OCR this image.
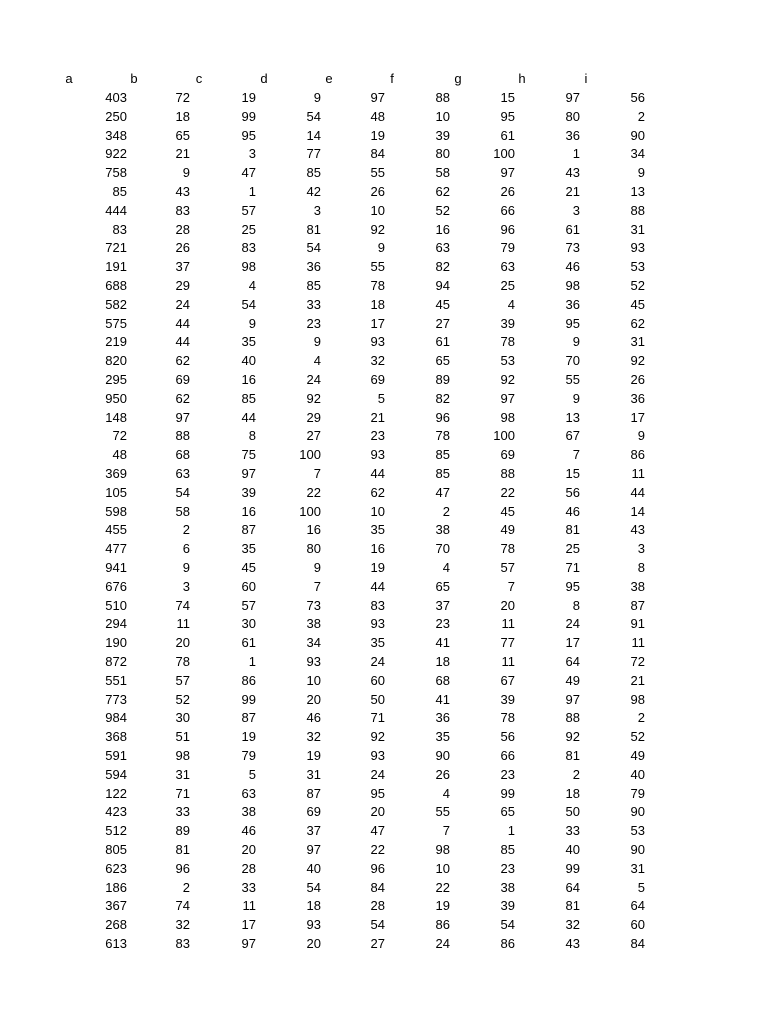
a	b	c	d	e	f	g	h	i
403	72	19	9	97	88	15	97	56
250	18	99	54	48	10	95	80	2
348	65	95	14	19	39	61	36	90
922	21	3	77	84	80	100	1	34
758	9	47	85	55	58	97	43	9
85	43	1	42	26	62	26	21	13
444	83	57	3	10	52	66	3	88
83	28	25	81	92	16	96	61	31
721	26	83	54	9	63	79	73	93
191	37	98	36	55	82	63	46	53
688	29	4	85	78	94	25	98	52
582	24	54	33	18	45	4	36	45
575	44	9	23	17	27	39	95	62
219	44	35	9	93	61	78	9	31
820	62	40	4	32	65	53	70	92
295	69	16	24	69	89	92	55	26
950	62	85	92	5	82	97	9	36
148	97	44	29	21	96	98	13	17
72	88	8	27	23	78	100	67	9
48	68	75	100	93	85	69	7	86
369	63	97	7	44	85	88	15	11
105	54	39	22	62	47	22	56	44
598	58	16	100	10	2	45	46	14
455	2	87	16	35	38	49	81	43
477	6	35	80	16	70	78	25	3
941	9	45	9	19	4	57	71	8
676	3	60	7	44	65	7	95	38
510	74	57	73	83	37	20	8	87
294	11	30	38	93	23	11	24	91
190	20	61	34	35	41	77	17	11
872	78	1	93	24	18	11	64	72
551	57	86	10	60	68	67	49	21
773	52	99	20	50	41	39	97	98
984	30	87	46	71	36	78	88	2
368	51	19	32	92	35	56	92	52
591	98	79	19	93	90	66	81	49
594	31	5	31	24	26	23	2	40
122	71	63	87	95	4	99	18	79
423	33	38	69	20	55	65	50	90
512	89	46	37	47	7	1	33	53
805	81	20	97	22	98	85	40	90
623	96	28	40	96	10	23	99	31
186	2	33	54	84	22	38	64	5
367	74	11	18	28	19	39	81	64
268	32	17	93	54	86	54	32	60
613	83	97	20	27	24	86	43	84
